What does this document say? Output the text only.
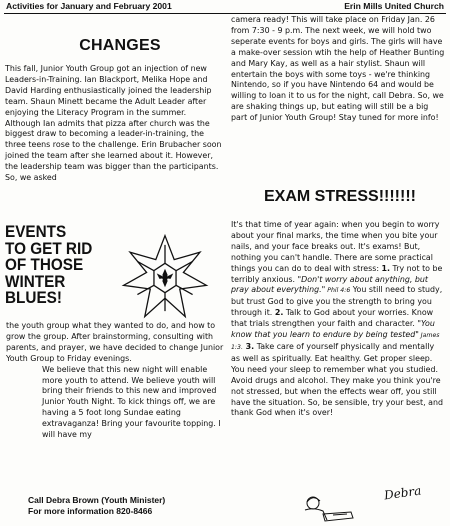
Activities for January and February 2001	Erin Mills United Church
CHANGES

This fall, Junior Youth Group got an injection of new Leaders-in-Training. Ian Blackport, Melika Hope and David Harding enthusiastically joined the leadership team. Shaun Minett became the Adult Leader after enjoying the Literacy Program in the summer.

Although Ian admits that pizza after church was the biggest draw to becoming a leader-in-training, the three teens rose to the challenge. Erin Brubacher soon joined the team after she learned about it. However, the leadership team was bigger than the participants. So, we asked

EVENTS
TO GET RID
OF THOSE
WINTER
BLUES!

the youth group what they wanted to do, and how to grow the group. After brainstorming, consulting with parents, and prayer, we have decided to change Junior Youth Group to Friday evenings.

We believe that this new night will enable more youth to attend. We believe youth will bring their friends to this new and improved Junior Youth Night. To kick things off, we are having a 5 foot long Sundae eating extravaganza! Bring your favourite topping. I will have my

Call Debra Brown (Youth Minister)
For more information 820-8466

camera ready! This will take place on Friday Jan. 26 from 7:30 - 9 p.m. The next week, we will hold two seperate events for boys and girls. The girls will have a make-over session wtih the help of Heather Bunting and Mary Kay, as well as a hair stylist. Shaun will entertain the boys with some toys - we're thinking Nintendo, so if you have Nintendo 64 and would be willing to loan it to us for the night, call Debra. So, we are shaking things up, but eating will still be a big part of Junior Youth Group! Stay tuned for more info!

EXAM STRESS!!!!!!!

It's that time of year again: when you begin to worry about your final marks, the time when you bite your nails, and your face breaks out. It's exams! But, nothing you can't handle. There are some practical things you can do to deal with stress: 1. Try not to be terribly anxious. "Don't worry about anything, but pray about everything." Phil 4:6 You still need to study, but trust God to give you the strength to bring you through it. 2. Talk to God about your worries. Know that trials strengthen your faith and character. "You know that you learn to endure by being tested" James 1:3. 3. Take care of yourself physically and mentally as well as spiritually. Eat healthy. Get proper sleep. You need your sleep to remember what you studied. Avoid drugs and alcohol. They make you think you're not stressed, but when the effects wear off, you still have the situation. So, be sensible, try your best, and thank God when it's over!

Debra
